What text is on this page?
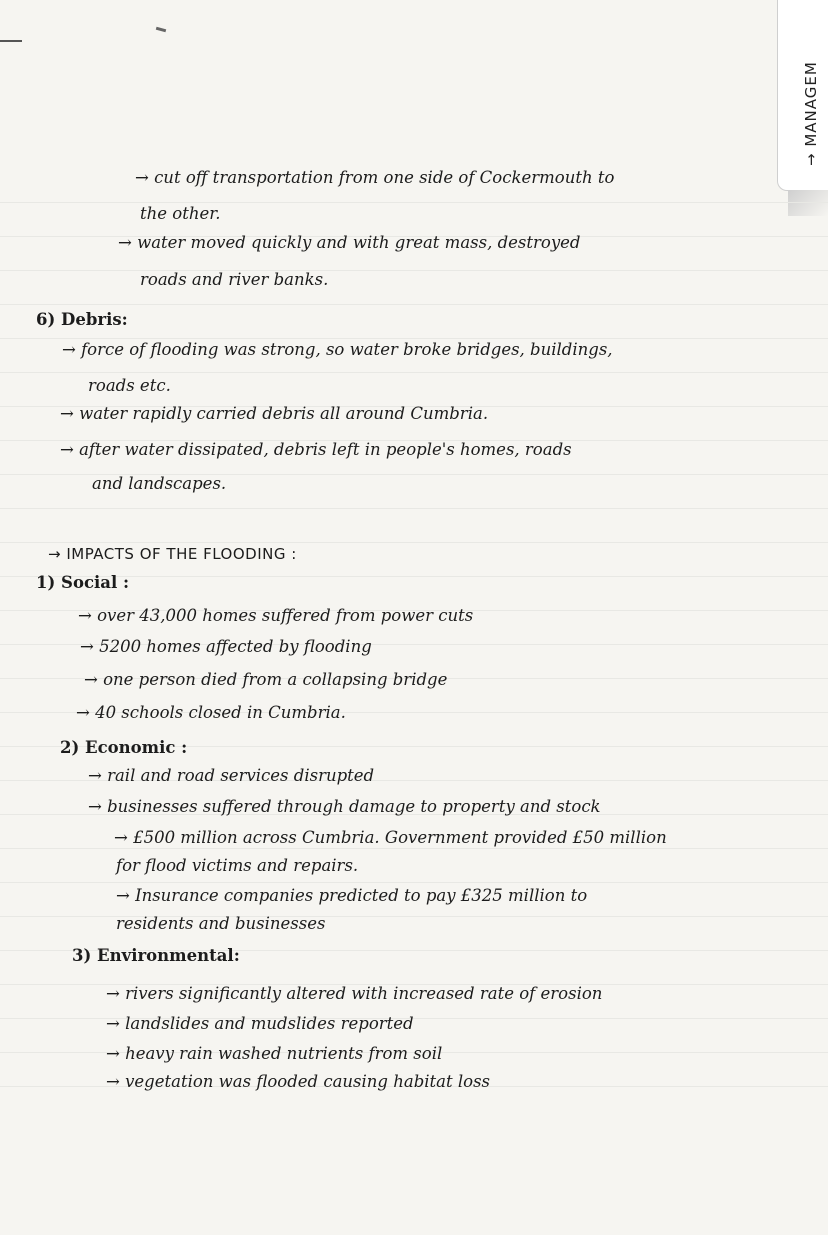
→ MANAGEM
→ cut off transportation from one side of Cockermouth to
the other.
→ water moved quickly and with great mass, destroyed
roads and river banks.
6) Debris:
→ force of flooding was strong, so water broke bridges, buildings,
roads etc.
→ water rapidly carried debris all around Cumbria.
→ after water dissipated, debris left in people's homes, roads
and landscapes.
→ IMPACTS OF THE FLOODING :
1) Social :
→ over 43,000 homes suffered from power cuts
→ 5200 homes affected by flooding
→ one person died from a collapsing bridge
→ 40 schools closed in Cumbria.
2) Economic :
→ rail and road services disrupted
→ businesses suffered through damage to property and stock
→ £500 million across Cumbria. Government provided £50 million
for flood victims and repairs.
→ Insurance companies predicted to pay £325 million to
residents and businesses
3) Environmental:
→ rivers significantly altered with increased rate of erosion
→ landslides and mudslides reported
→ heavy rain washed nutrients from soil
→ vegetation was flooded causing habitat loss
